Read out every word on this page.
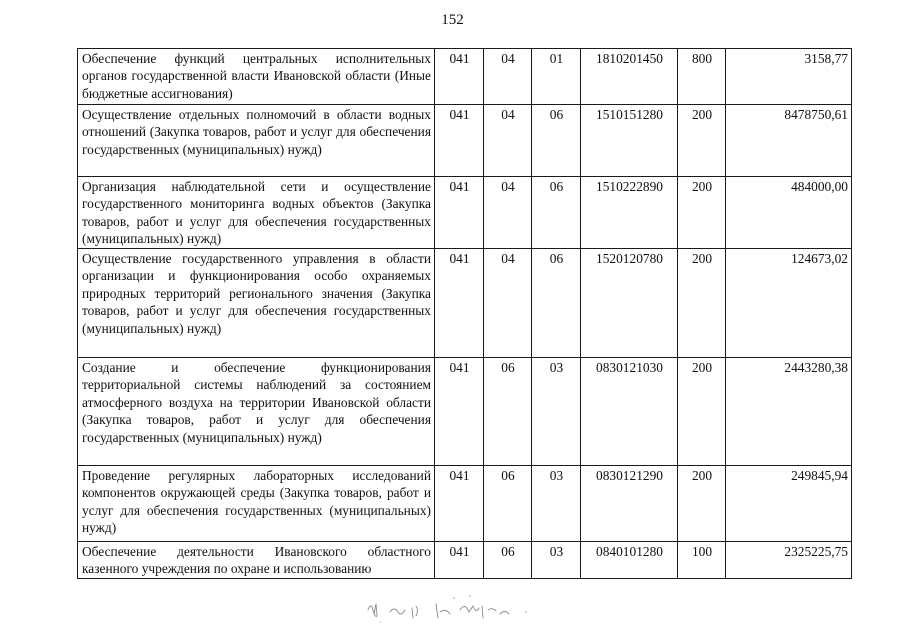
152
Обеспечение функций центральных исполнительных органов государственной власти Ивановской области (Иные бюджетные ассигнования)	041	04	01	1810201450	800	3158,77
Осуществление отдельных полномочий в области водных отношений (Закупка товаров, работ и услуг для обеспечения государственных (муниципальных) нужд)	041	04	06	1510151280	200	8478750,61
Организация наблюдательной сети и осуществление государственного мониторинга водных объектов (Закупка товаров, работ и услуг для обеспечения государственных (муниципальных) нужд)	041	04	06	1510222890	200	484000,00
Осуществление государственного управления в области организации и функционирования особо охраняемых природных территорий регионального значения (Закупка товаров, работ и услуг для обеспечения государственных (муниципальных) нужд)	041	04	06	1520120780	200	124673,02
Создание и обеспечение функционирования территориальной системы наблюдений за состоянием атмосферного воздуха на территории Ивановской области (Закупка товаров, работ и услуг для обеспечения государственных (муниципальных) нужд)	041	06	03	0830121030	200	2443280,38
Проведение регулярных лабораторных исследований компонентов окружающей среды (Закупка товаров, работ и услуг для обеспечения государственных (муниципальных) нужд)	041	06	03	0830121290	200	249845,94
Обеспечение деятельности Ивановского областного казенного учреждения по охране и использованию	041	06	03	0840101280	100	2325225,75
